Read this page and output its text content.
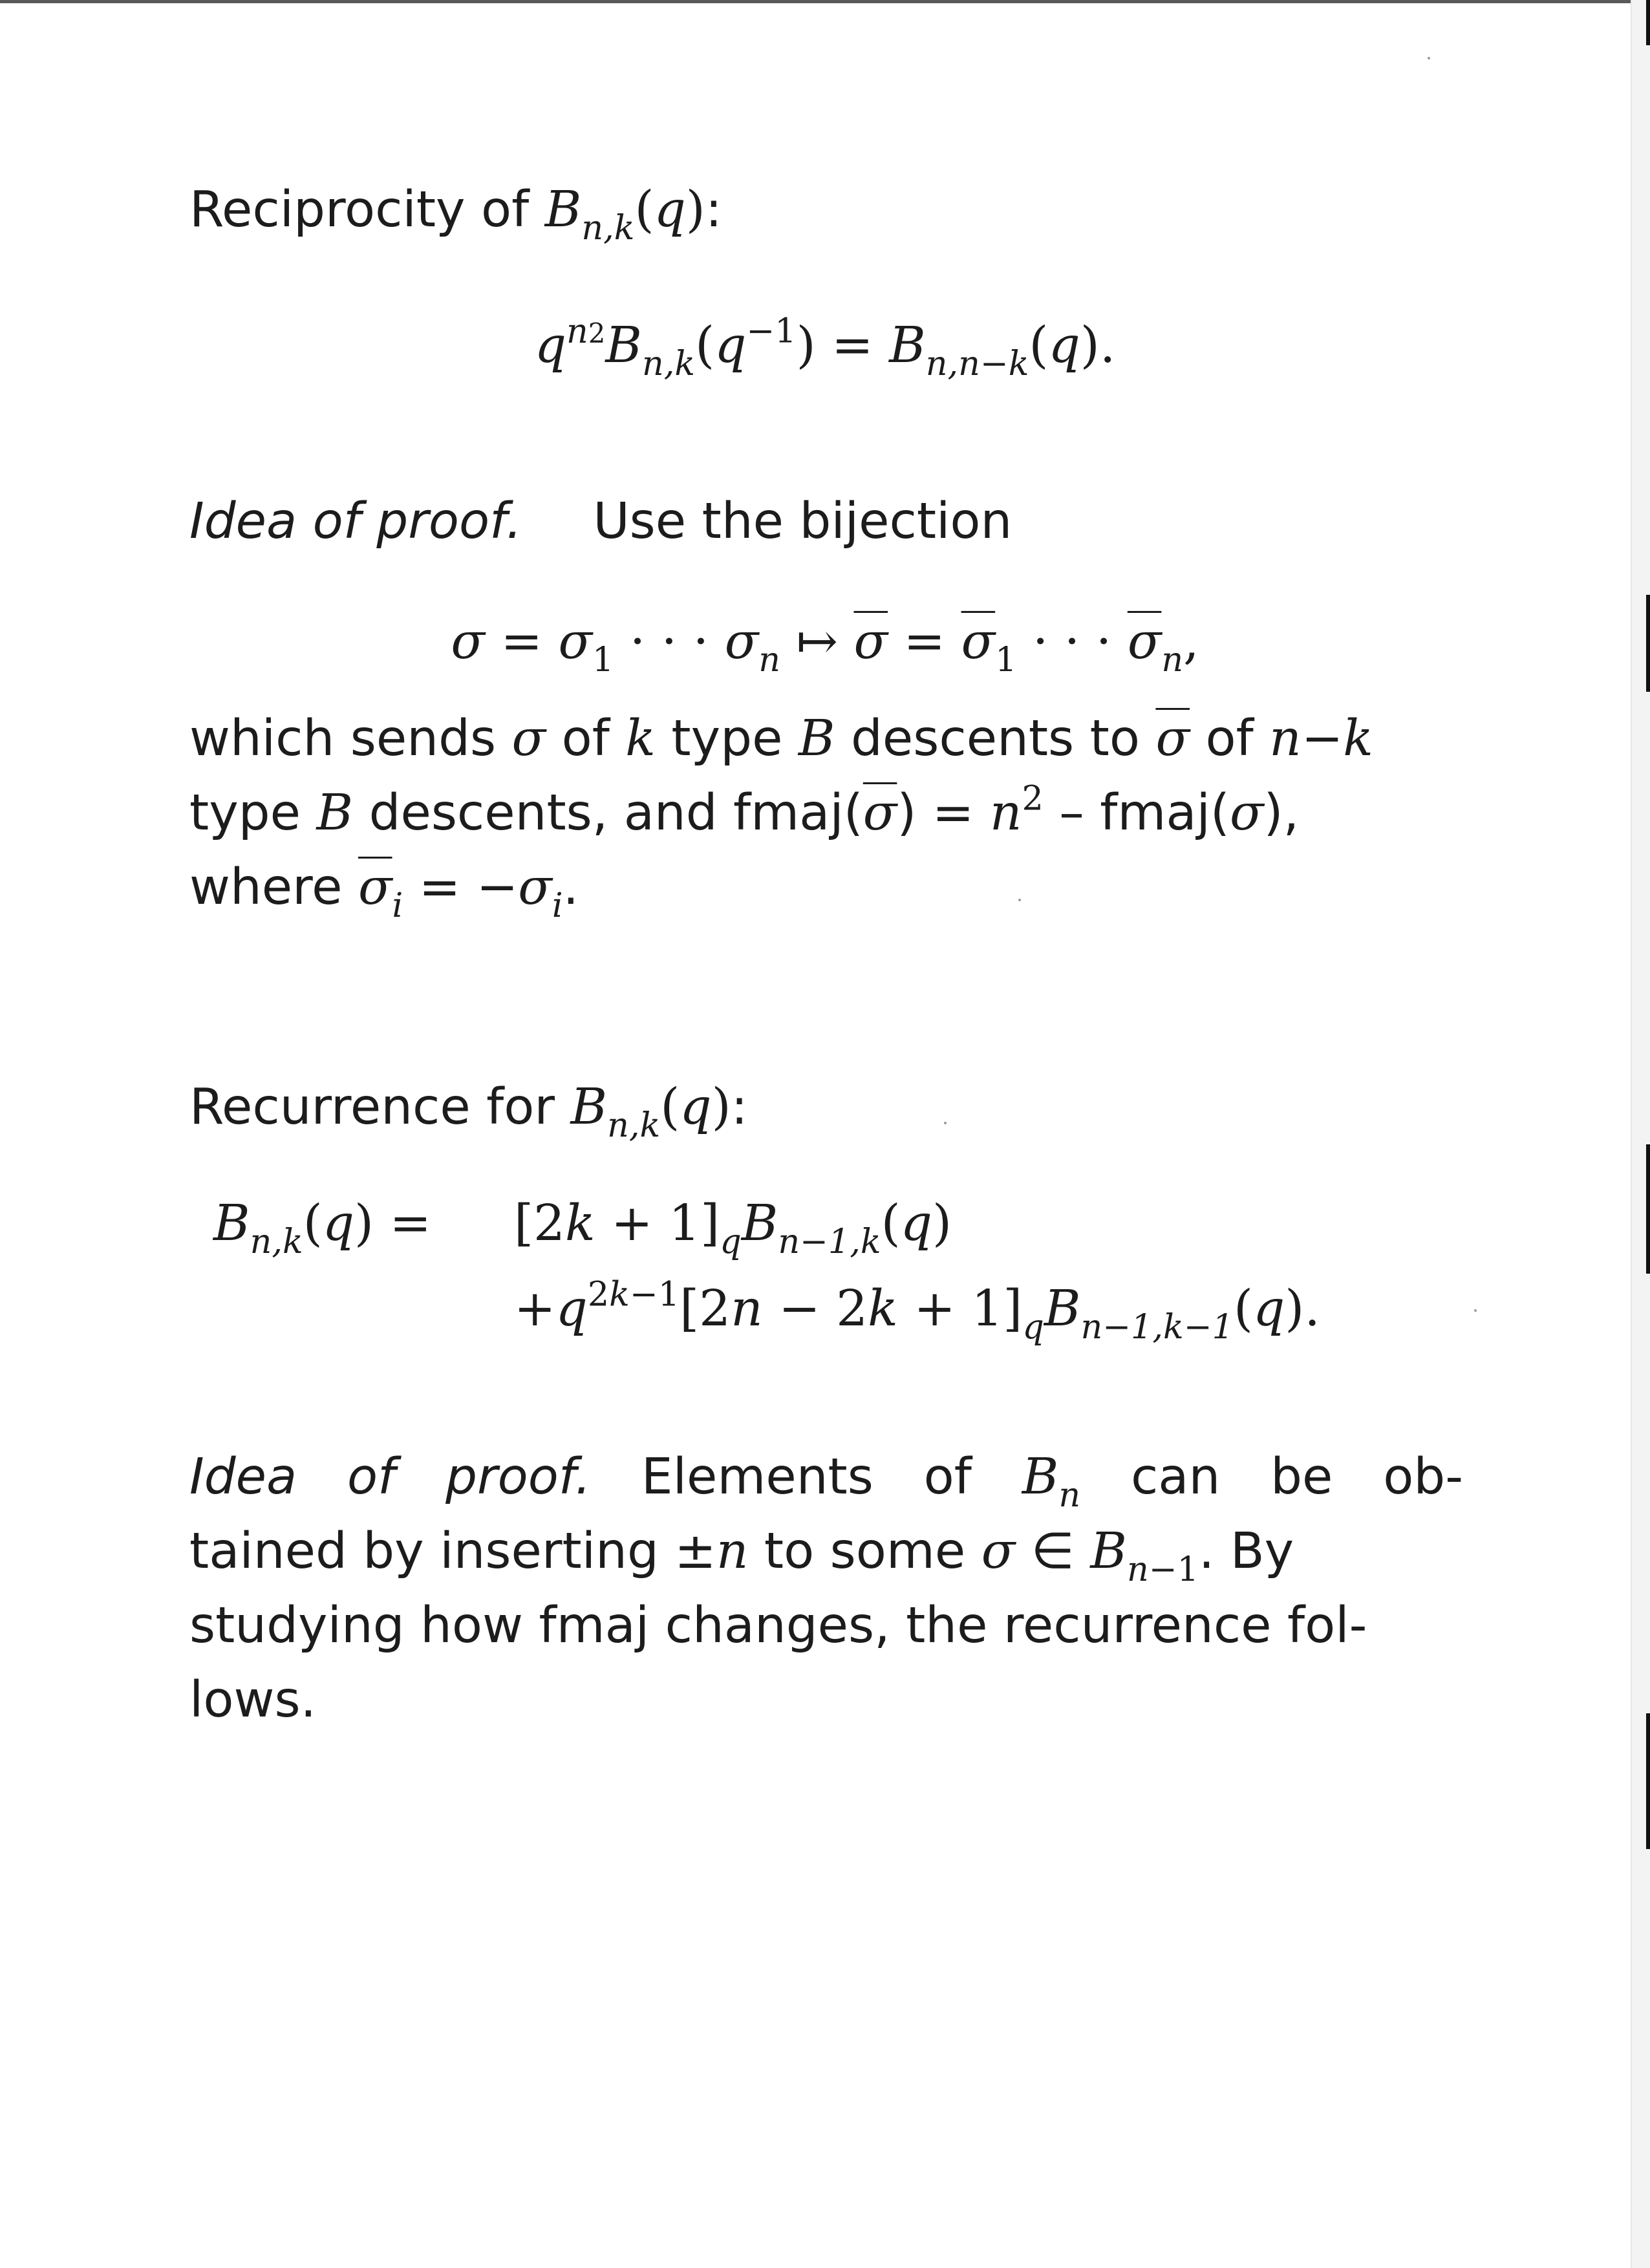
Reciprocity of $B_{n,k}(q)$:
$q^{n2}B_{n,k}(q^{-1}) = B_{n,n-k}(q)$.
Idea of proof. Use the bijection
$\sigma = \sigma_1$ · · · $\sigma_n$ ↦ $\overline{\sigma} = \overline{\sigma}_1$ · · · $\overline{\sigma}_n$,
which sends σ of k type B descents to $\overline{\sigma}$ of n−k
type B descents, and $fmaj(\overline{\sigma}) = n^2$ – fmaj(σ),
where $\overline{\sigma}_i = -\sigma_i$.
Recurrence for $B_{n,k}(q)$:
$B_{n,k}(q)$ =	$[2k + 1]_qB_{n-1,k}(q)$
$+q^{2k-1}[2n - 2k + 1]_qB_{n-1,k-1}(q)$.
Idea of proof. Elements of $B_n$ can be ob-
tained by inserting ±n to some σ ∈ $B_{n-1}$. By
studying how fmaj changes, the recurrence fol-
lows.
